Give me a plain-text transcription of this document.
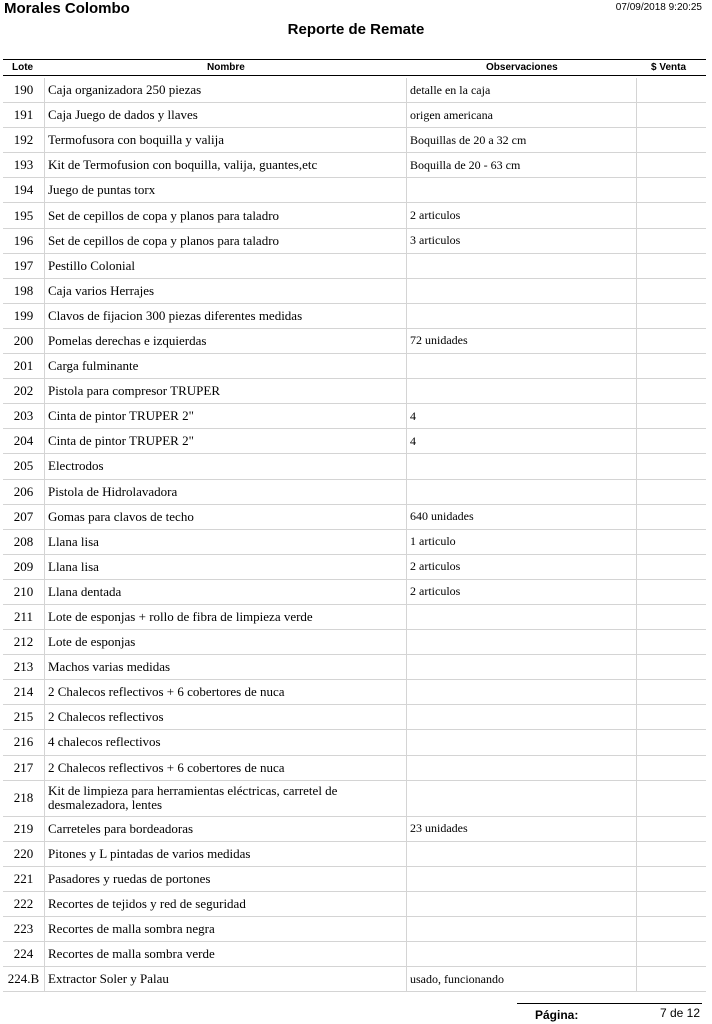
Morales Colombo	07/09/2018 9:20:25
Reporte de Remate
Lote	Nombre	Observaciones	$ Venta
190	Caja organizadora 250 piezas	detalle en la caja
191	Caja Juego de dados y llaves	origen americana
192	Termofusora con boquilla y valija	Boquillas de 20 a 32 cm
193	Kit de Termofusion con boquilla, valija, guantes,etc	Boquilla de 20 - 63 cm
194	Juego de puntas torx
195	Set de cepillos de copa y planos para taladro	2 articulos
196	Set de cepillos de copa y planos para taladro	3 articulos
197	Pestillo Colonial
198	Caja varios Herrajes
199	Clavos de fijacion 300 piezas diferentes medidas
200	Pomelas derechas e izquierdas	72 unidades
201	Carga fulminante
202	Pistola para compresor TRUPER
203	Cinta de pintor TRUPER 2"	4
204	Cinta de pintor TRUPER 2"	4
205	Electrodos
206	Pistola de Hidrolavadora
207	Gomas para clavos de techo	640 unidades
208	Llana lisa	1 articulo
209	Llana lisa	2 articulos
210	Llana dentada	2 articulos
211	Lote de esponjas + rollo de fibra de limpieza verde
212	Lote de esponjas
213	Machos varias medidas
214	2 Chalecos reflectivos + 6 cobertores de nuca
215	2 Chalecos reflectivos
216	4 chalecos reflectivos
217	2 Chalecos reflectivos + 6 cobertores de nuca
218	Kit de limpieza para herramientas eléctricas, carretel de desmalezadora, lentes
219	Carreteles para bordeadoras	23 unidades
220	Pitones y L pintadas de varios medidas
221	Pasadores y ruedas de portones
222	Recortes de tejidos y red de seguridad
223	Recortes de malla sombra negra
224	Recortes de malla sombra verde
224.B Extractor Soler y Palau	usado, funcionando
Página:	7 de 12
